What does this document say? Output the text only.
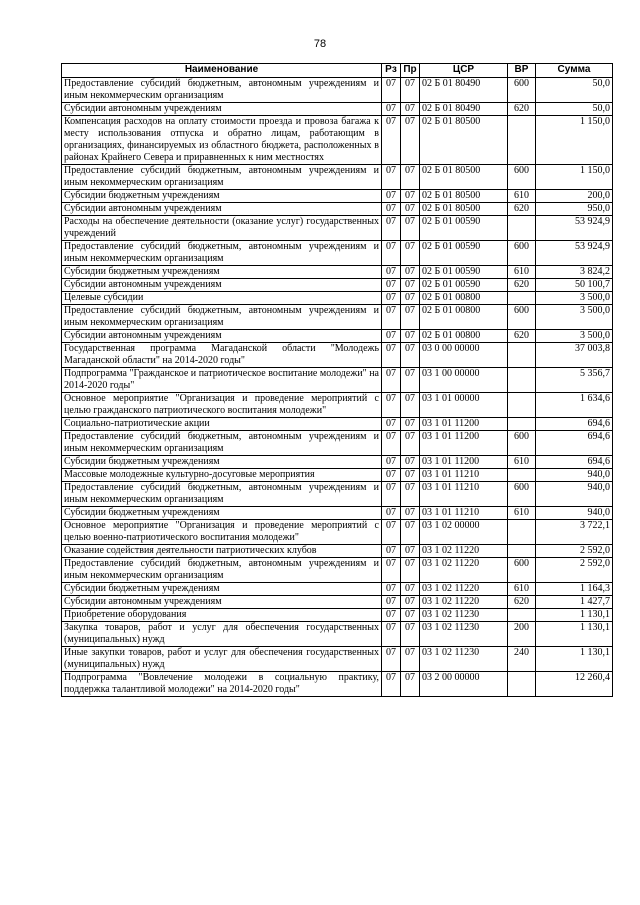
78
Наименование	Рз	Пр	ЦСР	ВР	Сумма
Предоставление субсидий бюджетным, автономным учреждениям и иным некоммерческим организациям	07	07	02 Б 01 80490	600	50,0
Субсидии автономным учреждениям	07	07	02 Б 01 80490	620	50,0
Компенсация расходов на оплату стоимости проезда и провоза багажа к месту использования отпуска и обратно лицам, работающим в организациях, финансируемых из областного бюджета, расположенных в районах Крайнего Севера и приравненных к ним местностях	07	07	02 Б 01 80500		1 150,0
Предоставление субсидий бюджетным, автономным учреждениям и иным некоммерческим организациям	07	07	02 Б 01 80500	600	1 150,0
Субсидии бюджетным учреждениям	07	07	02 Б 01 80500	610	200,0
Субсидии автономным учреждениям	07	07	02 Б 01 80500	620	950,0
Расходы на обеспечение деятельности (оказание услуг) государственных учреждений	07	07	02 Б 01 00590		53 924,9
Предоставление субсидий бюджетным, автономным учреждениям и иным некоммерческим организациям	07	07	02 Б 01 00590	600	53 924,9
Субсидии бюджетным учреждениям	07	07	02 Б 01 00590	610	3 824,2
Субсидии автономным учреждениям	07	07	02 Б 01 00590	620	50 100,7
Целевые субсидии	07	07	02 Б 01 00800		3 500,0
Предоставление субсидий бюджетным, автономным учреждениям и иным некоммерческим организациям	07	07	02 Б 01 00800	600	3 500,0
Субсидии автономным учреждениям	07	07	02 Б 01 00800	620	3 500,0
Государственная программа Магаданской области "Молодежь Магаданской области" на 2014-2020 годы"	07	07	03 0 00 00000		37 003,8
Подпрограмма "Гражданское и патриотическое воспитание молодежи" на 2014-2020 годы"	07	07	03 1 00 00000		5 356,7
Основное мероприятие "Организация и проведение мероприятий с целью гражданского патриотического воспитания молодежи"	07	07	03 1 01 00000		1 634,6
Социально-патриотические акции	07	07	03 1 01 11200		694,6
Предоставление субсидий бюджетным, автономным учреждениям и иным некоммерческим организациям	07	07	03 1 01 11200	600	694,6
Субсидии бюджетным учреждениям	07	07	03 1 01 11200	610	694,6
Массовые молодежные культурно-досуговые мероприятия	07	07	03 1 01 11210		940,0
Предоставление субсидий бюджетным, автономным учреждениям и иным некоммерческим организациям	07	07	03 1 01 11210	600	940,0
Субсидии бюджетным учреждениям	07	07	03 1 01 11210	610	940,0
Основное мероприятие "Организация и проведение мероприятий с целью военно-патриотического воспитания молодежи"	07	07	03 1 02 00000		3 722,1
Оказание содействия деятельности патриотических клубов	07	07	03 1 02 11220		2 592,0
Предоставление субсидий бюджетным, автономным учреждениям и иным некоммерческим организациям	07	07	03 1 02 11220	600	2 592,0
Субсидии бюджетным учреждениям	07	07	03 1 02 11220	610	1 164,3
Субсидии автономным учреждениям	07	07	03 1 02 11220	620	1 427,7
Приобретение оборудования	07	07	03 1 02 11230		1 130,1
Закупка товаров, работ и услуг для обеспечения государственных (муниципальных) нужд	07	07	03 1 02 11230	200	1 130,1
Иные закупки товаров, работ и услуг для обеспечения государственных (муниципальных) нужд	07	07	03 1 02 11230	240	1 130,1
Подпрограмма "Вовлечение молодежи в социальную практику, поддержка талантливой молодежи" на 2014-2020 годы"	07	07	03 2 00 00000		12 260,4
